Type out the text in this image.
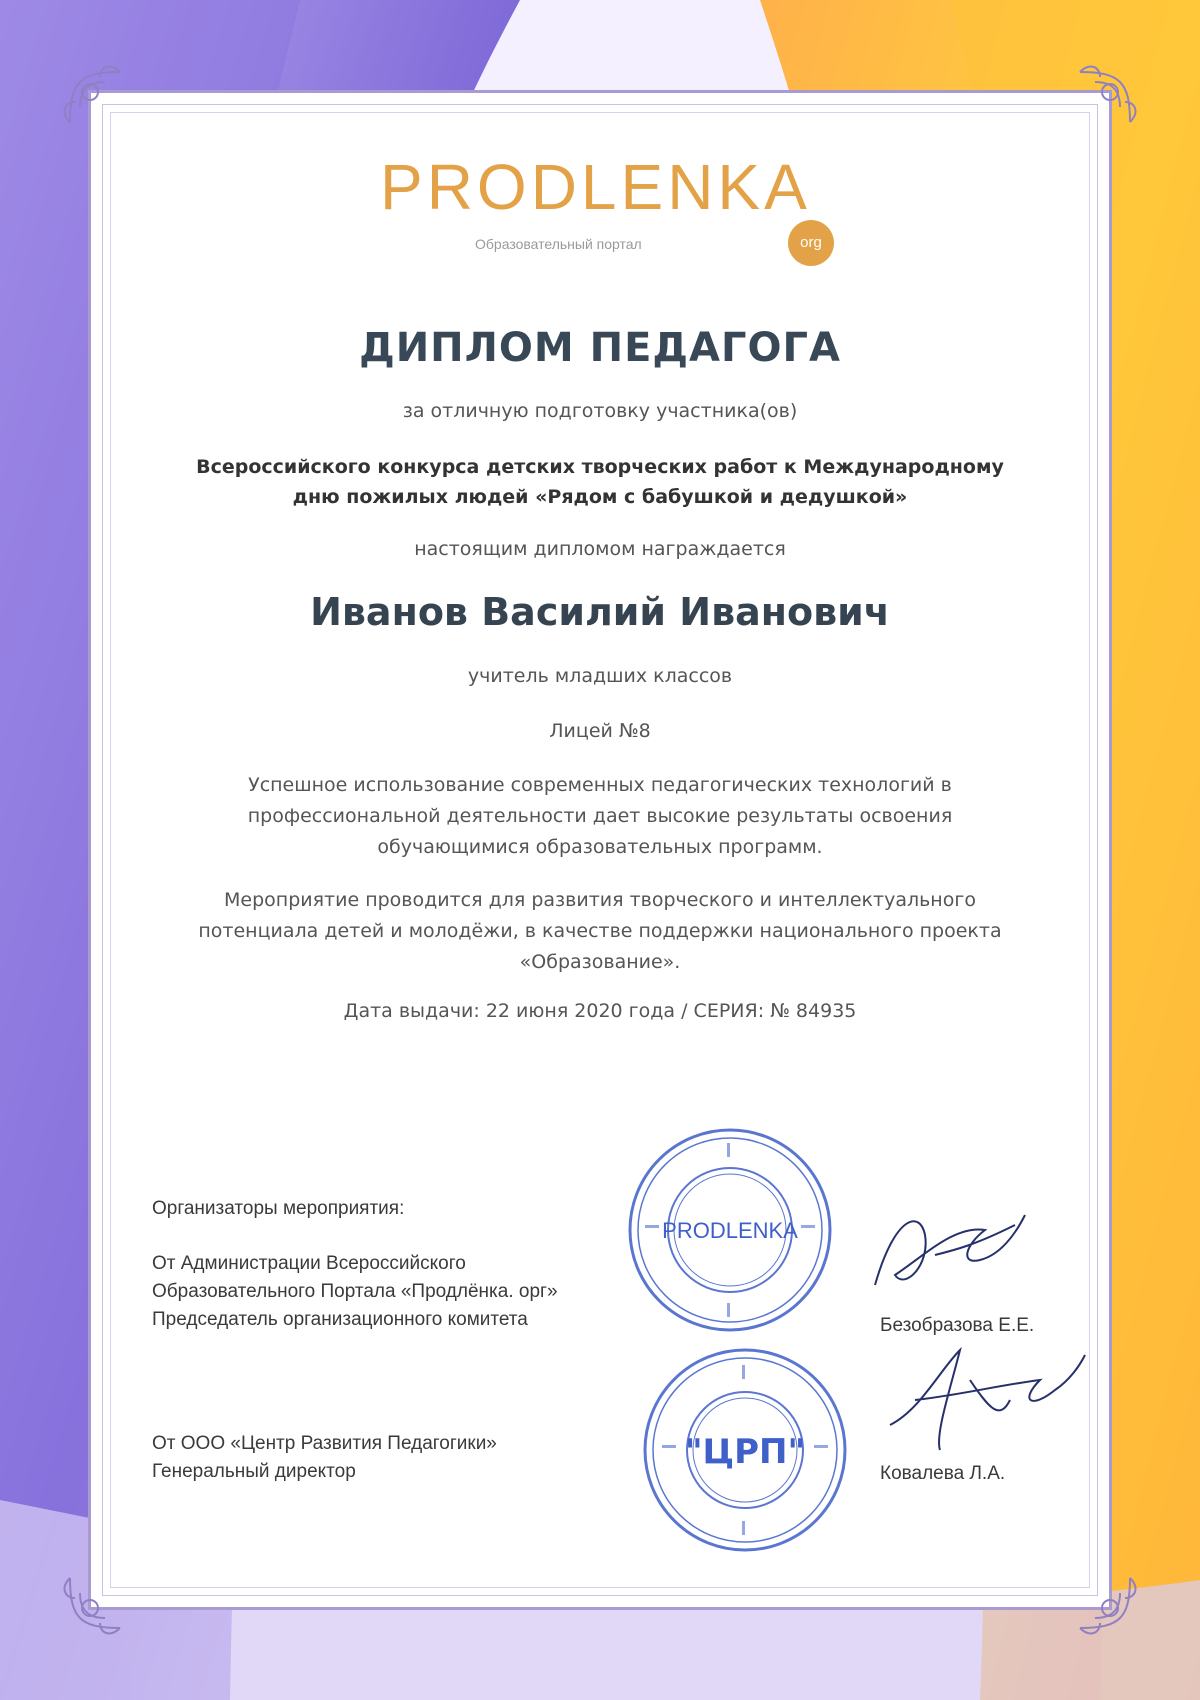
PRODLENKA
org
Образовательный портал
ДИПЛОМ ПЕДАГОГА
за отличную подготовку участника(ов)
Всероссийского конкурса детских творческих работ к Международному
дню пожилых людей «Рядом с бабушкой и дедушкой»
настоящим дипломом награждается
Иванов Василий Иванович
учитель младших классов
Лицей №8
Успешное использование современных педагогических технологий в профессиональной деятельности дает высокие результаты освоения обучающимися образовательных программ.
Мероприятие проводится для развития творческого и интеллектуального потенциала детей и молодёжи, в качестве поддержки национального проекта «Образование».
Дата выдачи: 22 июня 2020 года / СЕРИЯ: № 84935
Организаторы мероприятия:
От Администрации Всероссийского
Образовательного Портала «Продлёнка. орг»
Председатель организационного комитета
От ООО «Центр Развития Педагогики»
Генеральный директор
PRODLENKA
"ЦРП"
Безобразова Е.Е.
Ковалева Л.А.
